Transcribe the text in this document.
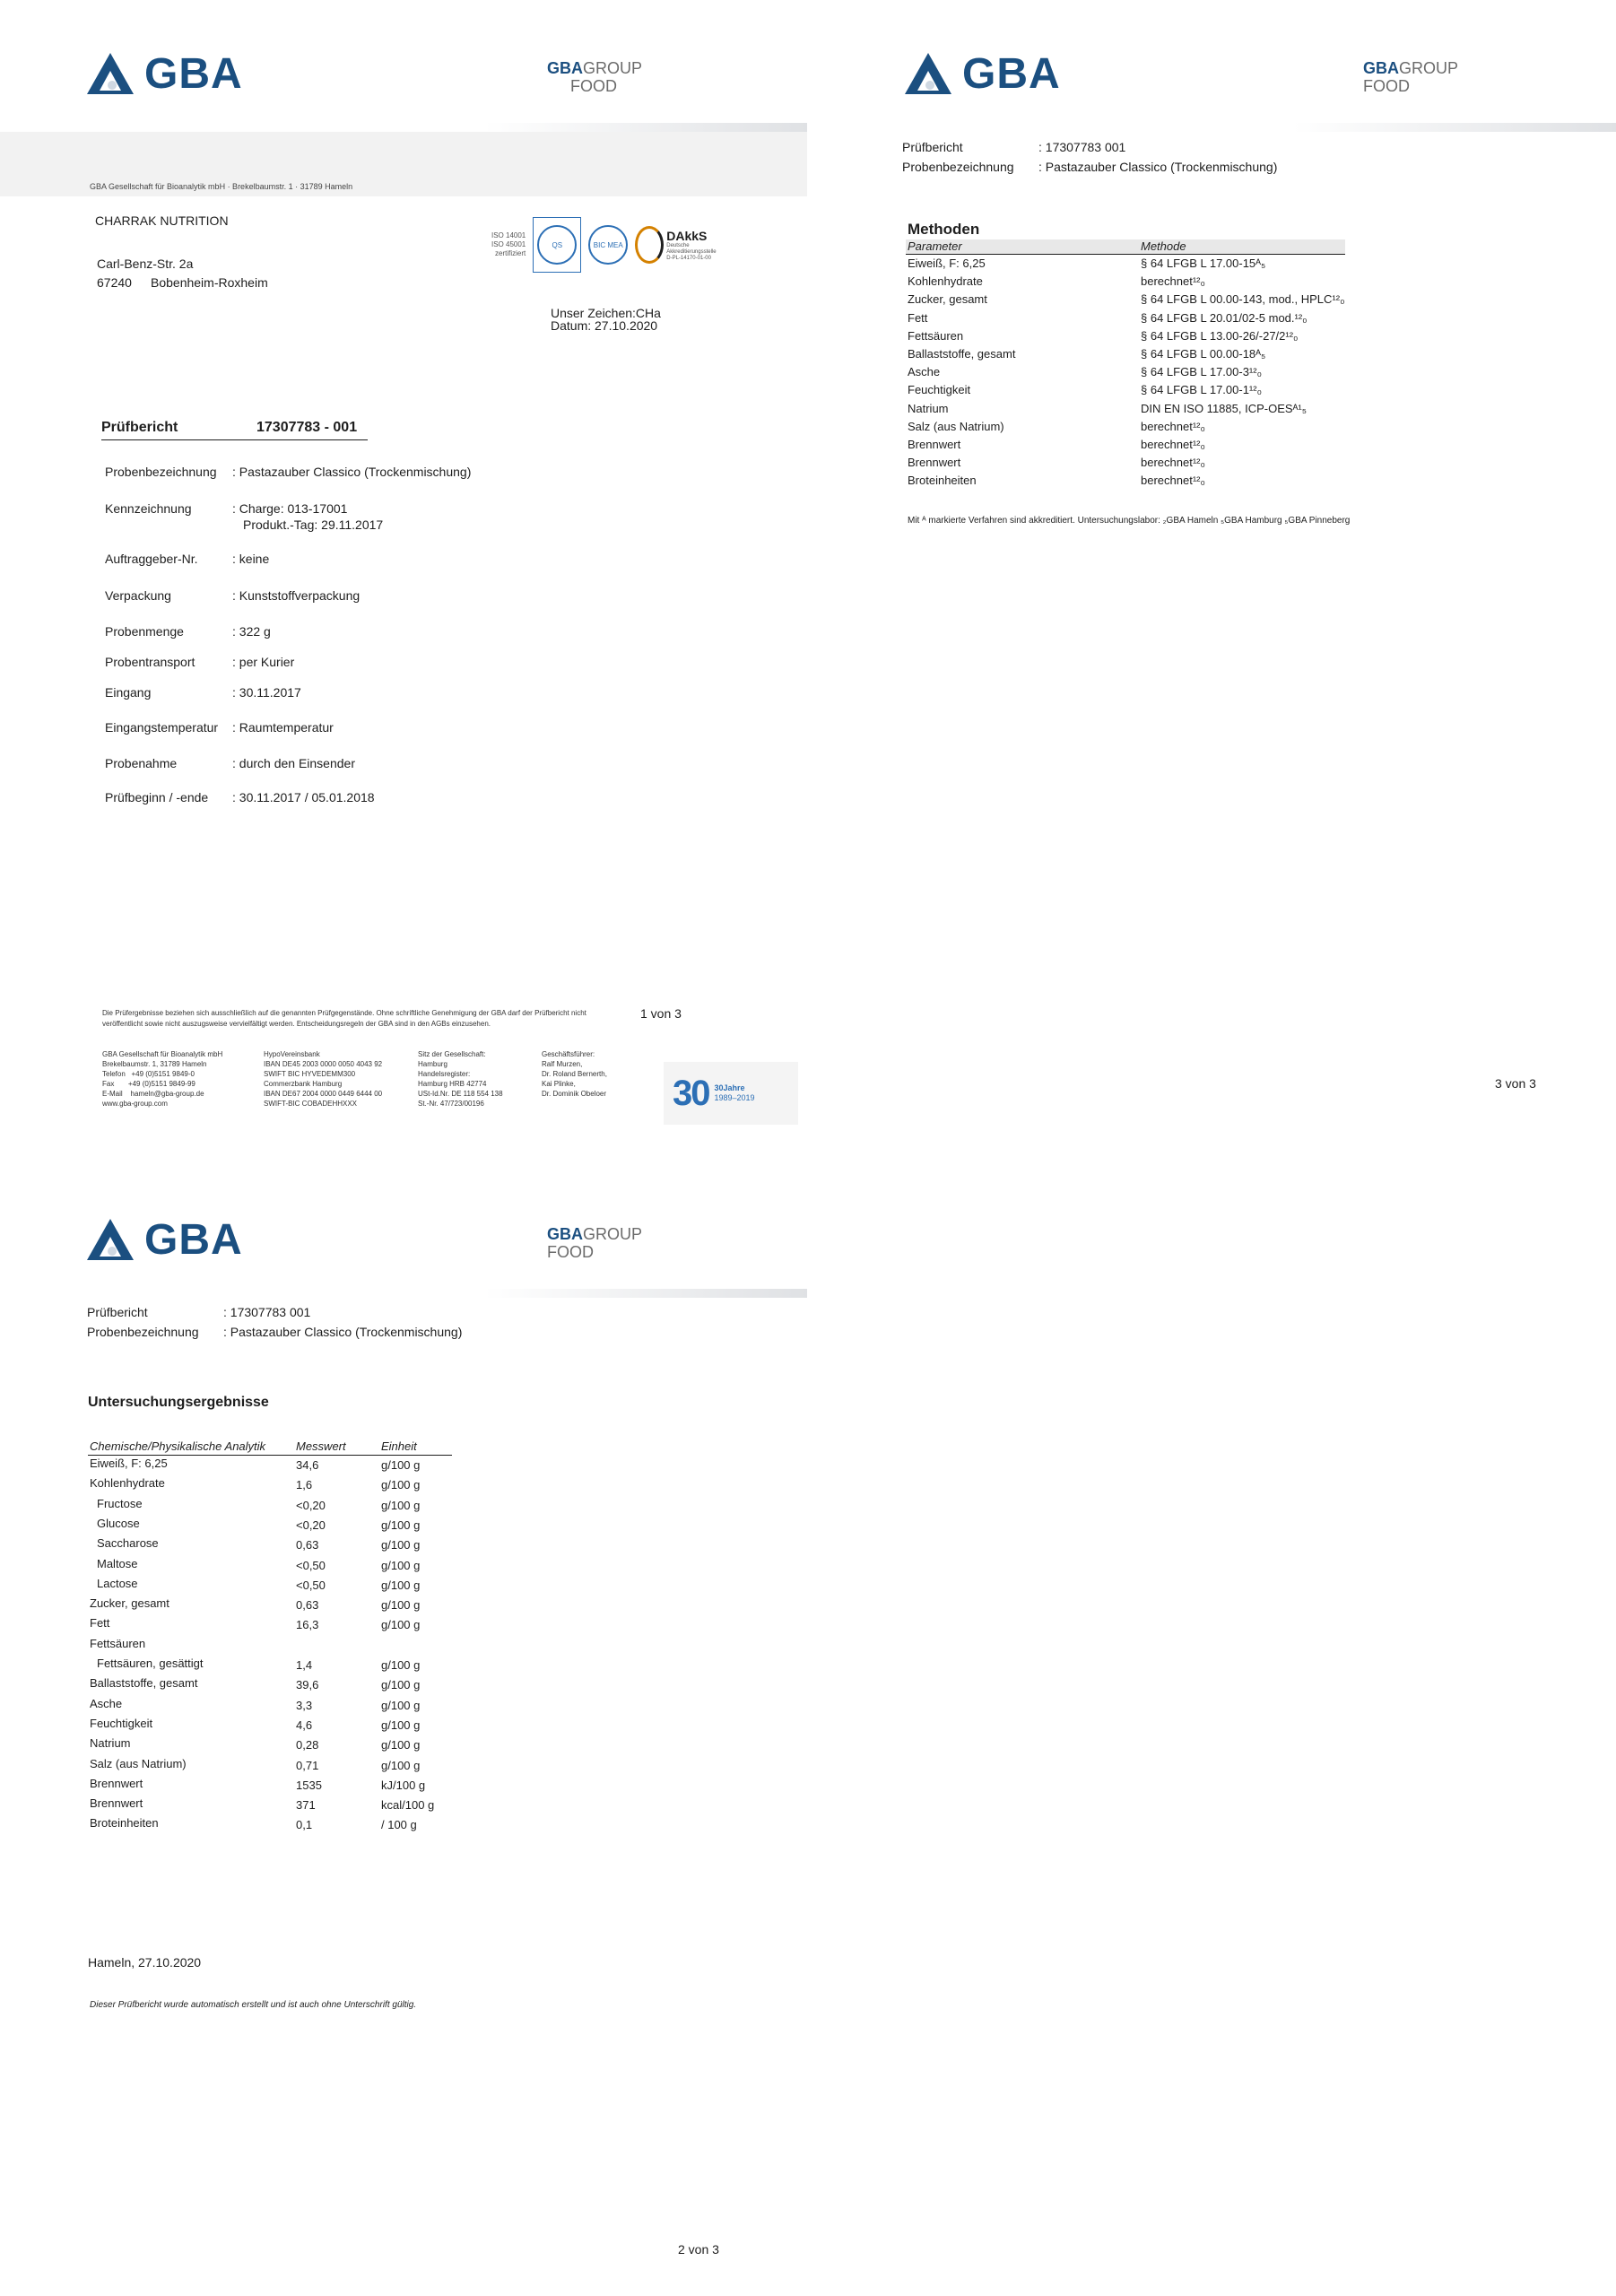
GBA	GBAGROUP
FOOD
GBA Gesellschaft für Bioanalytik mbH · Brekelbaumstr. 1 · 31789 Hameln
CHARRAK NUTRITION
Carl-Benz-Str. 2a
67240 Bobenheim-Roxheim
ISO 14001
ISO 45001
zertifiziert
QS	BIC MEA
DAkkS
Deutsche
Akkreditierungsstelle
D-PL-14170-01-00
Unser Zeichen:CHa
Datum: 27.10.2020
Prüfbericht	17307783 - 001
Probenbezeichnung : Pastazauber Classico (Trockenmischung)
Kennzeichnung	: Charge: 013-17001
Produkt.-Tag: 29.11.2017
Auftraggeber-Nr.	: keine
Verpackung	: Kunststoffverpackung
Probenmenge	: 322 g
Probentransport	: per Kurier
Eingang	: 30.11.2017
Eingangstemperatur : Raumtemperatur
Probenahme	: durch den Einsender
Prüfbeginn / -ende : 30.11.2017 / 05.01.2018
Die Prüfergebnisse beziehen sich ausschließlich auf die genannten Prüfgegenstände. Ohne schriftliche Genehmigung der GBA darf der Prüfbericht nicht veröffentlicht sowie nicht auszugsweise vervielfältigt werden. Entscheidungsregeln der GBA sind in den AGBs einzusehen.
1 von 3
GBA Gesellschaft für Bioanalytik mbH
Brekelbaumstr. 1, 31789 Hameln
Telefon   +49 (0)5151 9849-0
Fax       +49 (0)5151 9849-99
E-Mail    hameln@gba-group.de
www.gba-group.com
HypoVereinsbank
IBAN DE45 2003 0000 0050 4043 92
SWIFT BIC HYVEDEMM300
Commerzbank Hamburg
IBAN DE67 2004 0000 0449 6444 00
SWIFT-BIC COBADEHHXXX
Sitz der Gesellschaft:
Hamburg
Handelsregister:
Hamburg HRB 42774
USt-Id.Nr. DE 118 554 138
St.-Nr. 47/723/00196
Geschäftsführer:
Ralf Murzen,
Dr. Roland Bernerth,
Kai Plinke,
Dr. Dominik Obeloer 30 30Jahre
1989–2019
GBA	GBAGROUP
FOOD
Prüfbericht	: 17307783 001
Probenbezeichnung : Pastazauber Classico (Trockenmischung)
Methoden
Parameter	Methode
Eiweiß, F: 6,25	§ 64 LFGB L 17.00-15ᴬ₅
Kohlenhydrate	berechnet¹²₀
Zucker, gesamt	§ 64 LFGB L 00.00-143, mod., HPLC¹²₀
Fett	§ 64 LFGB L 20.01/02-5 mod.¹²₀
Fettsäuren	§ 64 LFGB L 13.00-26/-27/2¹²₀
Ballaststoffe, gesamt	§ 64 LFGB L 00.00-18ᴬ₅
Asche	§ 64 LFGB L 17.00-3¹²₀
Feuchtigkeit	§ 64 LFGB L 17.00-1¹²₀
Natrium	DIN EN ISO 11885, ICP-OESᴬ¹₅
Salz (aus Natrium)	berechnet¹²₀
Brennwert	berechnet¹²₀
Brennwert	berechnet¹²₀
Broteinheiten	berechnet¹²₀
Mit ᴬ markierte Verfahren sind akkreditiert. Untersuchungslabor: ₂GBA Hameln ₅GBA Hamburg ₅GBA Pinneberg
3 von 3
GBA	GBAGROUP
FOOD
Prüfbericht	: 17307783 001
Probenbezeichnung : Pastazauber Classico (Trockenmischung)
Untersuchungsergebnisse
Chemische/Physikalische Analytik	Messwert	Einheit
Eiweiß, F: 6,25	34,6	g/100 g
Kohlenhydrate	1,6	g/100 g
Fructose	<0,20	g/100 g
Glucose	<0,20	g/100 g
Saccharose	0,63	g/100 g
Maltose	<0,50	g/100 g
Lactose	<0,50	g/100 g
Zucker, gesamt	0,63	g/100 g
Fett	16,3	g/100 g
Fettsäuren
Fettsäuren, gesättigt	1,4	g/100 g
Ballaststoffe, gesamt	39,6	g/100 g
Asche	3,3	g/100 g
Feuchtigkeit	4,6	g/100 g
Natrium	0,28	g/100 g
Salz (aus Natrium)	0,71	g/100 g
Brennwert	1535	kJ/100 g
Brennwert	371	kcal/100 g
Broteinheiten	0,1	/ 100 g
Hameln, 27.10.2020
Dieser Prüfbericht wurde automatisch erstellt und ist auch ohne Unterschrift gültig.
2 von 3
